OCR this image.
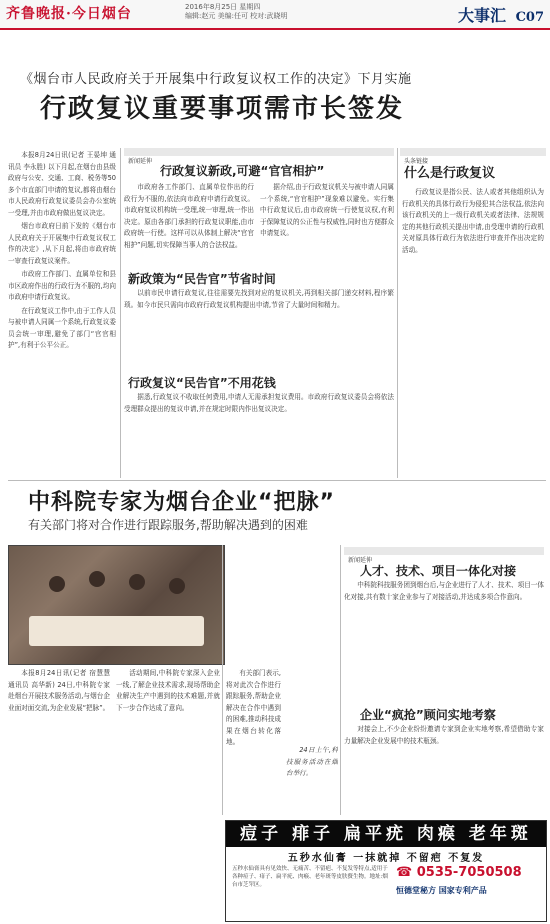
齐鲁晚报·今日烟台	2016年8月25日 星期四
编辑:赵元 美编:任可 校对:武晓明	大事汇 C07
《烟台市人民政府关于开展集中行政复议权工作的决定》下月实施
行政复议重要事项需市长签发

本报8月24日讯(记者 王晏坤 通讯员 李永胜) 以下月起,在烟台由县级政府与公安、交通、工商、税务等50多个市直部门申请的复议,都将由烟台市人民政府行政复议委员会办公室统一受理,并由市政府做出复议决定。

烟台市政府日前下发的《烟台市人民政府关于开展集中行政复议权工作的决定》,从下月起,将由市政府统一审查行政复议案件。

市政府工作部门、直属单位和县市区政府作出的行政行为不服的,均向市政府申请行政复议。

在行政复议工作中,由于工作人员与被申请人同属一个系统,行政复议委员会统一审理,避免了部门“官官相护”,有利于公平公正。

新闻延伸
行政复议新政,可避“官官相护”

市政府各工作部门、直属单位作出的行政行为不服的,依法向市政府申请行政复议。市政府复议机构统一受理,统一审理,统一作出决定。原由各部门承担的行政复议职能,由市政府统一行使。这样可以从体制上解决“官官相护”问题,切实保障当事人的合法权益。

据介绍,由于行政复议机关与被申请人同属一个系统,“官官相护”现象难以避免。实行集中行政复议后,由市政府统一行使复议权,有利于保障复议的公正性与权威性,同时也方便群众申请复议。

新政策为“民告官”节省时间

以前市民申请行政复议,往往需要先找到对应的复议机关,再到相关部门递交材料,程序繁琐。如今市民只需向市政府行政复议机构提出申请,节省了大量时间和精力。

行政复议“民告官”不用花钱

据悉,行政复议不收取任何费用,申请人无需承担复议费用。市政府行政复议委员会将依法受理群众提出的复议申请,并在规定时限内作出复议决定。

头条链接
什么是行政复议

行政复议是指公民、法人或者其他组织认为行政机关的具体行政行为侵犯其合法权益,依法向该行政机关的上一级行政机关或者法律、法规规定的其他行政机关提出申请,由受理申请的行政机关对原具体行政行为依法进行审查并作出决定的活动。

中科院专家为烟台企业“把脉”
有关部门将对合作进行跟踪服务,帮助解决遇到的困难

本报8月24日讯(记者 宿慧慧 通讯员 高华新) 24日,中科院专家赴烟台开展技术服务活动,与烟台企业面对面交流,为企业发展“把脉”。

活动期间,中科院专家深入企业一线,了解企业技术需求,现场帮助企业解决生产中遇到的技术难题,并就下一步合作达成了意向。

有关部门表示,将对此次合作进行跟踪服务,帮助企业解决在合作中遇到的困难,推动科技成果在烟台转化落地。

24日上午,科技服务活动在烟台举行。

新闻延伸
人才、技术、项目一体化对接

中科院科技服务团到烟台后,与企业进行了人才、技术、项目一体化对接,共有数十家企业参与了对接活动,并达成多项合作意向。

企业“疯抢”顾问实地考察

对接会上,不少企业纷纷邀请专家到企业实地考察,希望借助专家力量解决企业发展中的技术瓶颈。

痘子 痱子 扁平疣 肉瘊 老年斑
五秒水仙膏 一抹就掉 不留疤 不复发
五秒水仙膏具有见效快、无痛苦、不留疤、不复发等特点,适用于各种痘子、痱子、扁平疣、肉瘊、老年斑等皮肤赘生物。地址:烟台市芝罘区。
☎ 0535-7050508
恒德堂秘方 国家专利产品
